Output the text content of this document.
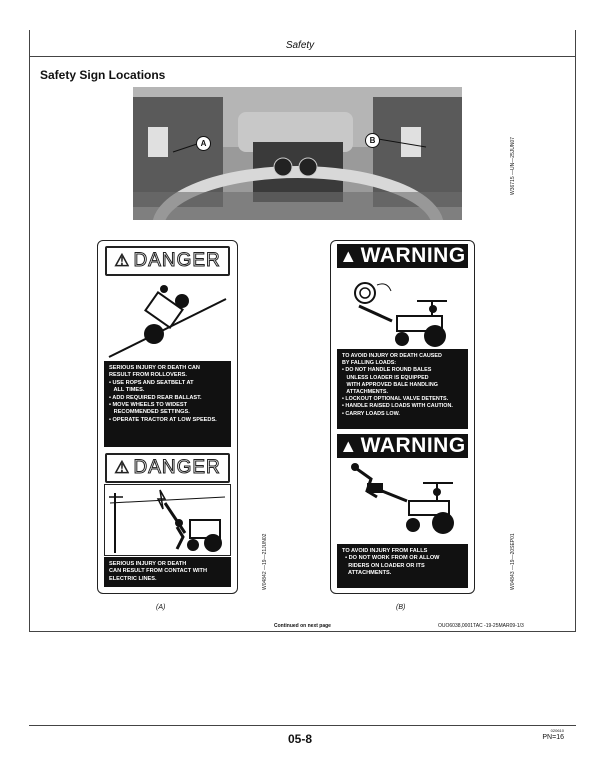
Safety
Safety Sign Locations
A	B	W36715 —UN—25JUN07
⚠ DANGER
SERIOUS INJURY OR DEATH CAN
RESULT FROM ROLLOVERS.
• USE ROPS AND SEATBELT AT
ALL TIMES.
• ADD REQUIRED REAR BALLAST.
• MOVE WHEELS TO WIDEST
RECOMMENDED SETTINGS.
• OPERATE TRACTOR AT LOW SPEEDS.
⚠ DANGER
SERIOUS INJURY OR DEATH
CAN RESULT FROM CONTACT WITH
ELECTRIC LINES.	W04842 —19—21JUN02
(A)
▲ WARNING
TO AVOID INJURY OR DEATH CAUSED
BY FALLING LOADS:
• DO NOT HANDLE ROUND BALES
UNLESS LOADER IS EQUIPPED
WITH APPROVED BALE HANDLING
ATTACHMENTS.
• LOCKOUT OPTIONAL VALVE DETENTS.
• HANDLE RAISED LOADS WITH CAUTION.
• CARRY LOADS LOW.
▲ WARNING
TO AVOID INJURY FROM FALLS
• DO NOT WORK FROM OR ALLOW
RIDERS ON LOADER OR ITS
ATTACHMENTS.	W04843 —19—20SEP01
(B)
Continued on next page	OUO6038,0001TAC -19-25MAR09-1/3
05-8
020610
PN=16
